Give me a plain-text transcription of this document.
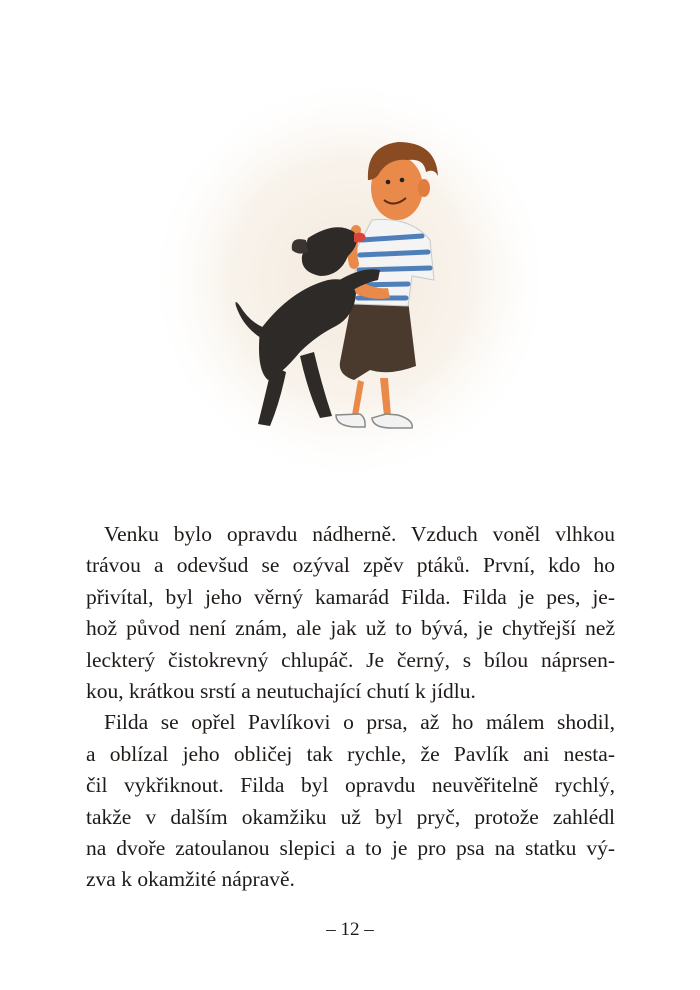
Venku bylo opravdu nádherně. Vzduch voněl vlhkou
trávou a odevšud se ozýval zpěv ptáků. První, kdo ho
přivítal, byl jeho věrný kamarád Filda. Filda je pes, je-
hož původ není znám, ale jak už to bývá, je chytřejší než
leckterý čistokrevný chlupáč. Je černý, s bílou náprsen-
kou, krátkou srstí a neutuchající chutí k jídlu.

Filda se opřel Pavlíkovi o prsa, až ho málem shodil,
a oblízal jeho obličej tak rychle, že Pavlík ani nesta-
čil vykřiknout. Filda byl opravdu neuvěřitelně rychlý,
takže v dalším okamžiku už byl pryč, protože zahlédl
na dvoře zatoulanou slepici a to je pro psa na statku vý-
zva k okamžité nápravě.

– 12 –
